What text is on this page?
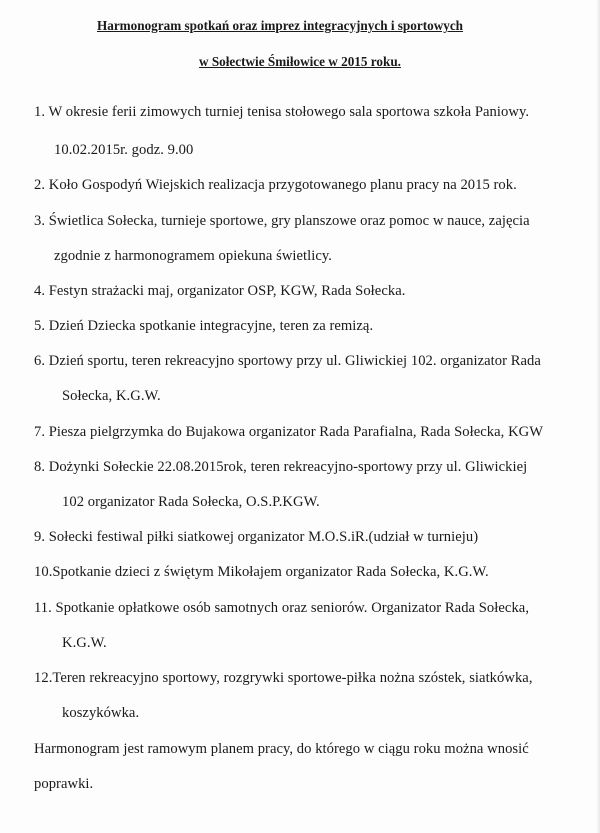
Harmonogram spotkań oraz imprez integracyjnych i sportowych
w Sołectwie Śmiłowice w 2015 roku.
1. W okresie ferii zimowych turniej tenisa stołowego sala sportowa szkoła Paniowy.
10.02.2015r. godz. 9.00
2. Koło Gospodyń Wiejskich realizacja przygotowanego planu pracy na 2015 rok.
3. Świetlica Sołecka, turnieje sportowe, gry planszowe oraz pomoc w nauce, zajęcia
zgodnie z harmonogramem opiekuna świetlicy.
4. Festyn strażacki maj, organizator OSP, KGW, Rada Sołecka.
5. Dzień Dziecka spotkanie integracyjne, teren za remizą.
6. Dzień sportu, teren rekreacyjno sportowy przy ul. Gliwickiej 102. organizator Rada
Sołecka, K.G.W.
7. Piesza pielgrzymka do Bujakowa organizator Rada Parafialna, Rada Sołecka, KGW
8. Dożynki Sołeckie 22.08.2015rok, teren rekreacyjno-sportowy przy ul. Gliwickiej
102 organizator Rada Sołecka, O.S.P.KGW.
9. Sołecki festiwal piłki siatkowej organizator M.O.S.iR.(udział w turnieju)
10.Spotkanie dzieci z świętym Mikołajem organizator Rada Sołecka, K.G.W.
11. Spotkanie opłatkowe osób samotnych oraz seniorów. Organizator Rada Sołecka,
K.G.W.
12.Teren rekreacyjno sportowy, rozgrywki sportowe-piłka nożna szóstek, siatkówka,
koszykówka.
Harmonogram jest ramowym planem pracy, do którego w ciągu roku można wnosić
poprawki.
